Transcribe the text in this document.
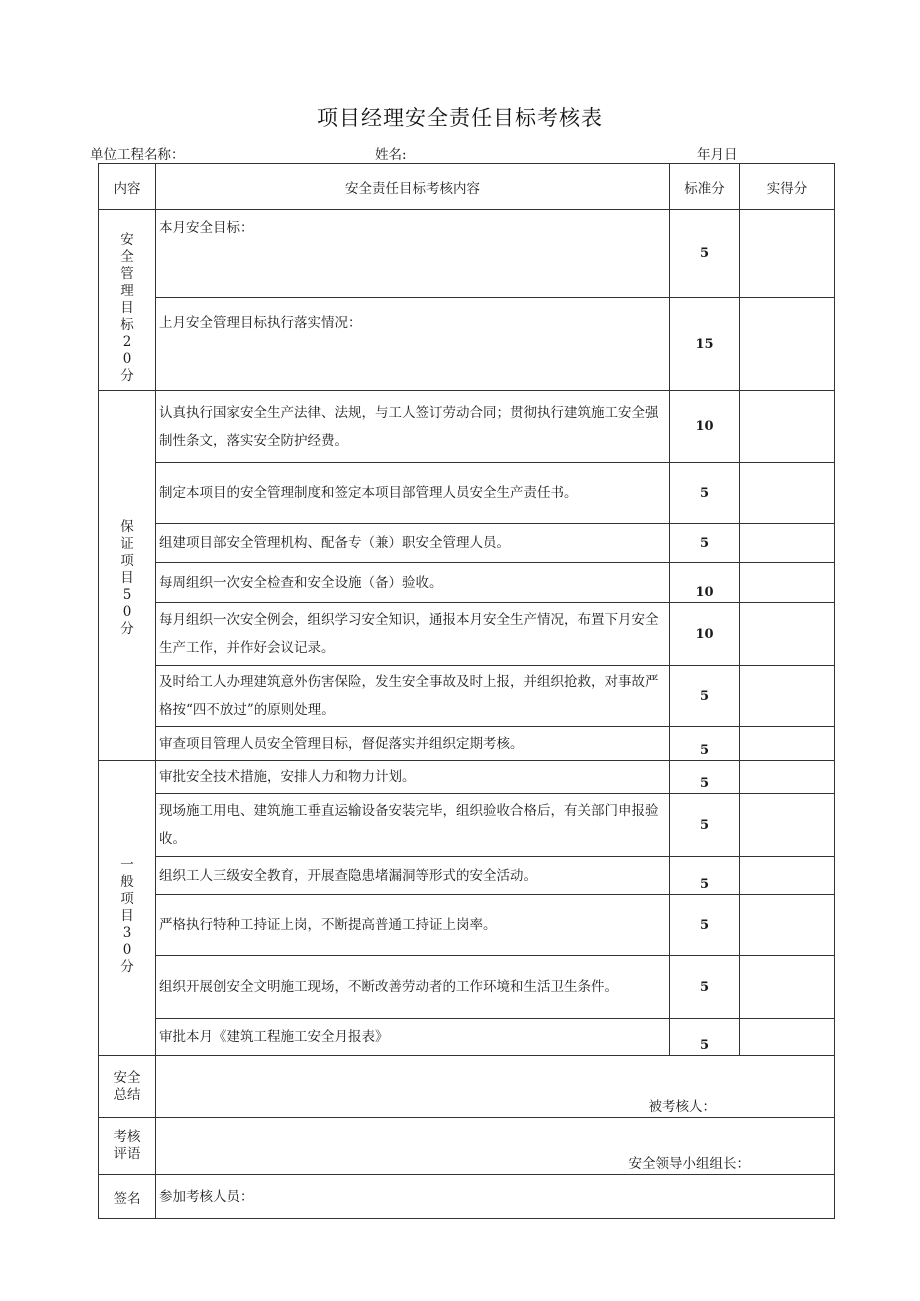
项目经理安全责任目标考核表
单位工程名称：	姓名:	年月日
内容	安全责任目标考核内容	标准分	实得分

安全管理目标20分	本月安全目标：	5	
	上月安全管理目标执行落实情况：	15	

保证项目50分	认真执行国家安全生产法律、法规，与工人签订劳动合同；贯彻执行建筑施工安全强制性条文，落实安全防护经费。	10	
	制定本项目的安全管理制度和签定本项目部管理人员安全生产责任书。	5	
	组建项目部安全管理机构、配备专（兼）职安全管理人员。	5	
	每周组织一次安全检查和安全设施（备）验收。	10	
	每月组织一次安全例会，组织学习安全知识，通报本月安全生产情况，布置下月安全生产工作，并作好会议记录。	10	
	及时给工人办理建筑意外伤害保险，发生安全事故及时上报，并组织抢救，对事故严格按“四不放过”的原则处理。	5	
	审查项目管理人员安全管理目标，督促落实并组织定期考核。	5	

一般项目30分	审批安全技术措施，安排人力和物力计划。	5	
	现场施工用电、建筑施工垂直运输设备安装完毕，组织验收合格后，有关部门申报验收。	5	
	组织工人三级安全教育，开展查隐患堵漏洞等形式的安全活动。	5	
	严格执行特种工持证上岗，不断提高普通工持证上岗率。	5	
	组织开展创安全文明施工现场，不断改善劳动者的工作环境和生活卫生条件。	5	
	审批本月《建筑工程施工安全月报表》	5	

安全总结	被考核人：		

考核评语	安全领导小组组长：		

签名	参加考核人员：		
